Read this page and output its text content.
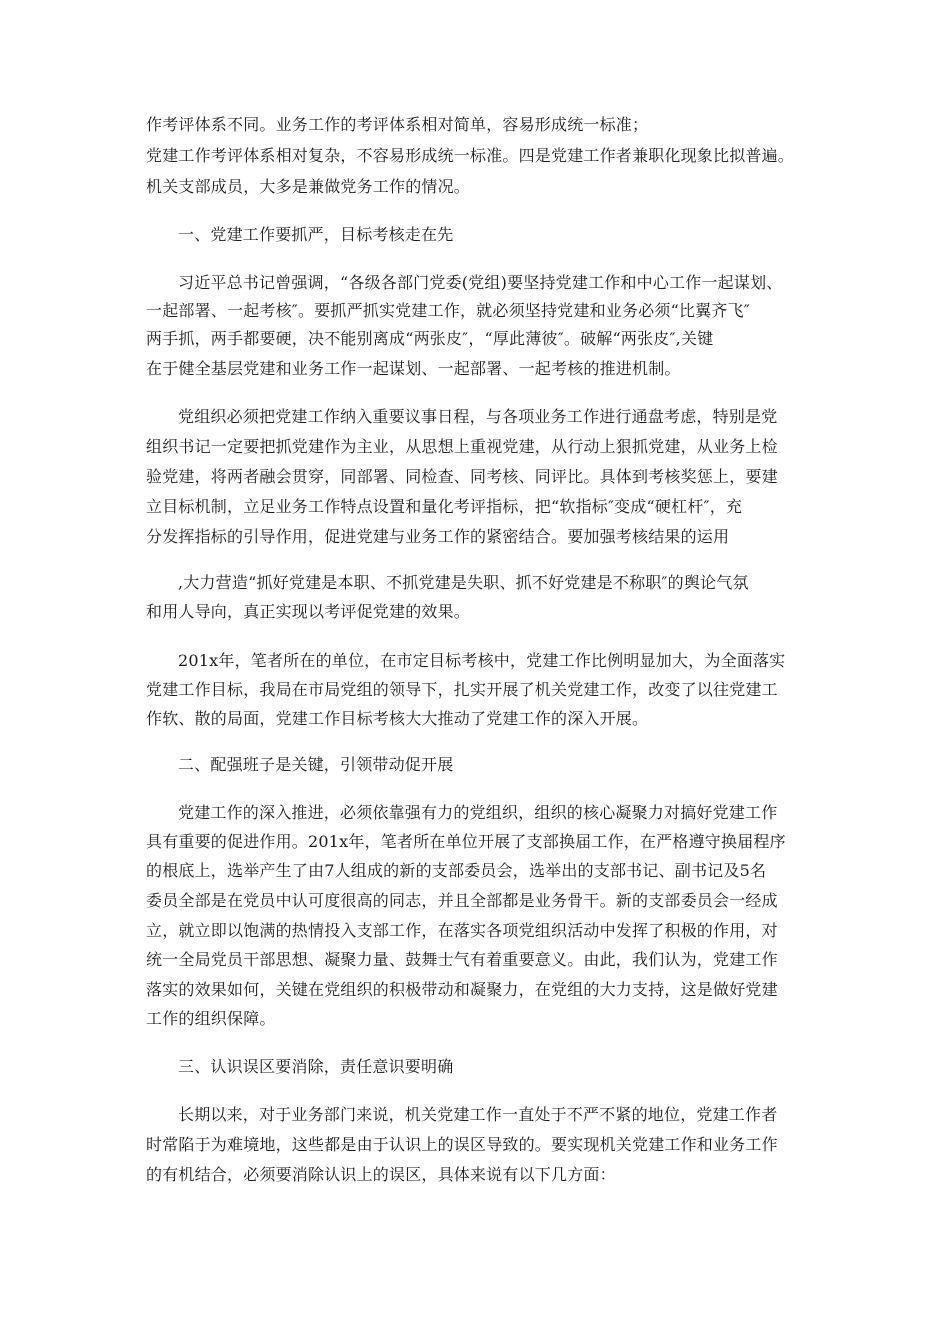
作考评体系不同。业务工作的考评体系相对简单，容易形成统一标准；
党建工作考评体系相对复杂，不容易形成统一标准。四是党建工作者兼职化现象比拟普遍。
机关支部成员，大多是兼做党务工作的情况。
一、党建工作要抓严，目标考核走在先
习近平总书记曾强调，“各级各部门党委(党组)要坚持党建工作和中心工作一起谋划、
一起部署、一起考核″。要抓严抓实党建工作，就必须坚持党建和业务必须“比翼齐飞″
两手抓，两手都要硬，决不能别离成“两张皮″，“厚此薄彼″。破解“两张皮″,关键
在于健全基层党建和业务工作一起谋划、一起部署、一起考核的推进机制。
党组织必须把党建工作纳入重要议事日程，与各项业务工作进行通盘考虑，特别是党
组织书记一定要把抓党建作为主业，从思想上重视党建，从行动上狠抓党建，从业务上检
验党建，将两者融会贯穿，同部署、同检查、同考核、同评比。具体到考核奖惩上，要建
立目标机制，立足业务工作特点设置和量化考评指标，把“软指标″变成“硬杠杆″，充
分发挥指标的引导作用，促进党建与业务工作的紧密结合。要加强考核结果的运用
,大力营造“抓好党建是本职、不抓党建是失职、抓不好党建是不称职″的舆论气氛
和用人导向，真正实现以考评促党建的效果。
201x年，笔者所在的单位，在市定目标考核中，党建工作比例明显加大，为全面落实
党建工作目标，我局在市局党组的领导下，扎实开展了机关党建工作，改变了以往党建工
作软、散的局面，党建工作目标考核大大推动了党建工作的深入开展。
二、配强班子是关键，引领带动促开展
党建工作的深入推进，必须依靠强有力的党组织，组织的核心凝聚力对搞好党建工作
具有重要的促进作用。201x年，笔者所在单位开展了支部换届工作，在严格遵守换届程序
的根底上，选举产生了由7人组成的新的支部委员会，选举出的支部书记、副书记及5名
委员全部是在党员中认可度很高的同志，并且全部都是业务骨干。新的支部委员会一经成
立，就立即以饱满的热情投入支部工作，在落实各项党组织活动中发挥了积极的作用，对
统一全局党员干部思想、凝聚力量、鼓舞士气有着重要意义。由此，我们认为，党建工作
落实的效果如何，关键在党组织的积极带动和凝聚力，在党组的大力支持，这是做好党建
工作的组织保障。
三、认识误区要消除，责任意识要明确
长期以来，对于业务部门来说，机关党建工作一直处于不严不紧的地位，党建工作者
时常陷于为难境地，这些都是由于认识上的误区导致的。要实现机关党建工作和业务工作
的有机结合，必须要消除认识上的误区，具体来说有以下几方面：
